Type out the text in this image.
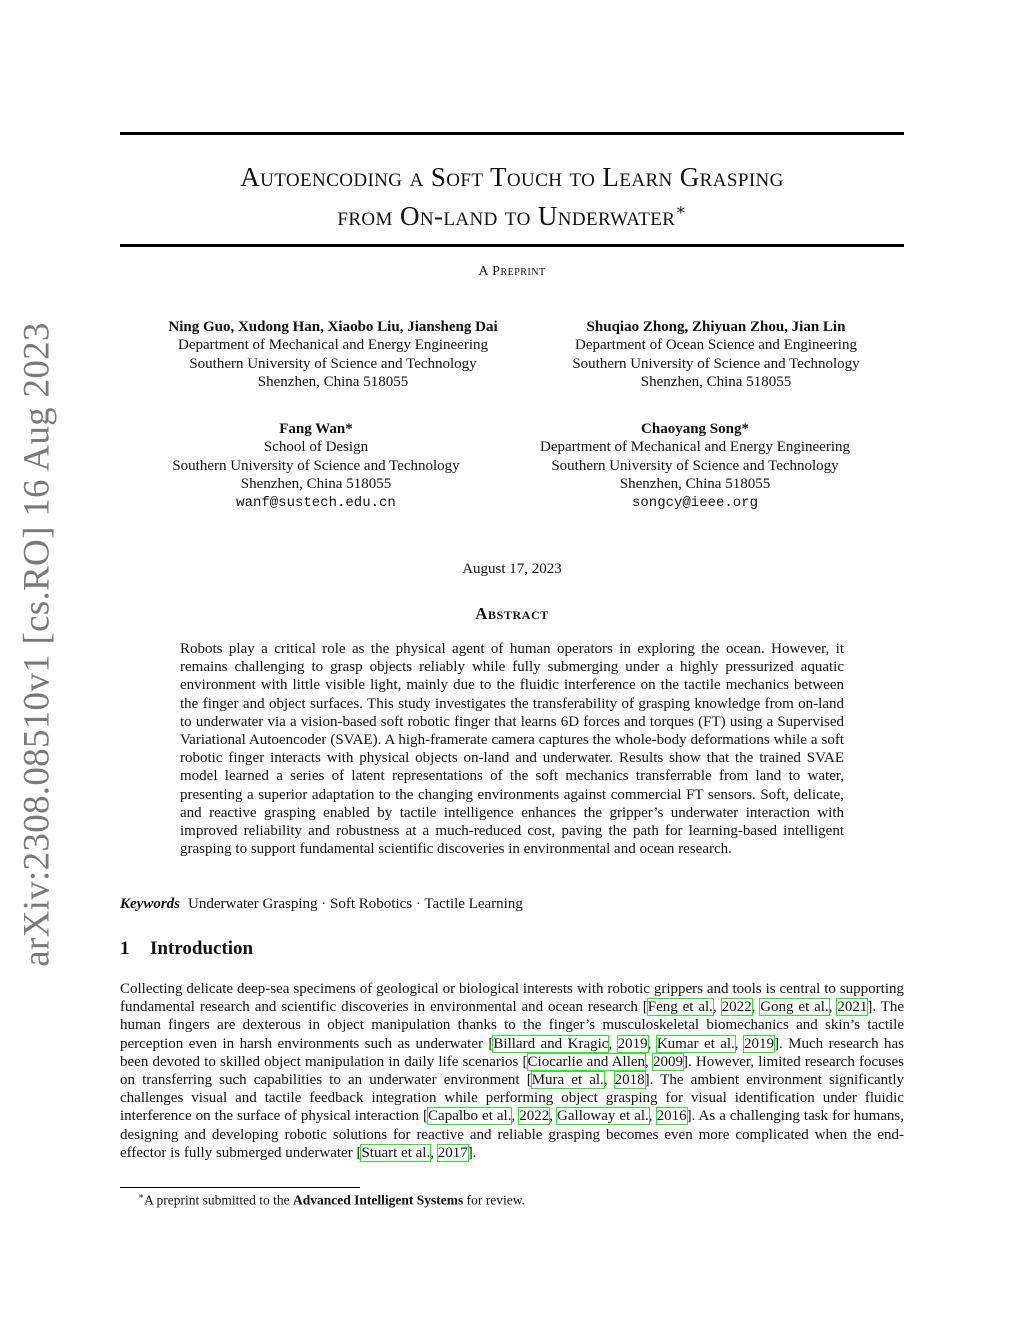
arXiv:2308.08510v1 [cs.RO] 16 Aug 2023
Autoencoding a Soft Touch to Learn Grasping
from On-land to Underwater∗
A Preprint
Ning Guo, Xudong Han, Xiaobo Liu, Jiansheng Dai
Department of Mechanical and Energy Engineering
Southern University of Science and Technology
Shenzhen, China 518055
Shuqiao Zhong, Zhiyuan Zhou, Jian Lin
Department of Ocean Science and Engineering
Southern University of Science and Technology
Shenzhen, China 518055
Fang Wan*
School of Design
Southern University of Science and Technology
Shenzhen, China 518055
wanf@sustech.edu.cn
Chaoyang Song*
Department of Mechanical and Energy Engineering
Southern University of Science and Technology
Shenzhen, China 518055
songcy@ieee.org
August 17, 2023
Abstract
Robots play a critical role as the physical agent of human operators in exploring the ocean. However, it remains challenging to grasp objects reliably while fully submerging under a highly pressurized aquatic environment with little visible light, mainly due to the fluidic interference on the tactile mechanics between the finger and object surfaces. This study investigates the transferability of grasping knowledge from on-land to underwater via a vision-based soft robotic finger that learns 6D forces and torques (FT) using a Supervised Variational Autoencoder (SVAE). A high-framerate camera captures the whole-body deformations while a soft robotic finger interacts with physical objects on-land and underwater. Results show that the trained SVAE model learned a series of latent representations of the soft mechanics transferrable from land to water, presenting a superior adaptation to the changing environments against commercial FT sensors. Soft, delicate, and reactive grasping enabled by tactile intelligence enhances the gripper’s underwater interaction with improved reliability and robustness at a much-reduced cost, paving the path for learning-based intelligent grasping to support fundamental scientific discoveries in environmental and ocean research.
Keywords Underwater Grasping · Soft Robotics · Tactile Learning
1 Introduction
Collecting delicate deep-sea specimens of geological or biological interests with robotic grippers and tools is central to supporting fundamental research and scientific discoveries in environmental and ocean research [Feng et al., 2022, Gong et al., 2021]. The human fingers are dexterous in object manipulation thanks to the finger’s musculoskeletal biomechanics and skin’s tactile perception even in harsh environments such as underwater [Billard and Kragic, 2019, Kumar et al., 2019]. Much research has been devoted to skilled object manipulation in daily life scenarios [Ciocarlie and Allen, 2009]. However, limited research focuses on transferring such capabilities to an underwater environment [Mura et al., 2018]. The ambient environment significantly challenges visual and tactile feedback integration while performing object grasping for visual identification under fluidic interference on the surface of physical interaction [Capalbo et al., 2022, Galloway et al., 2016]. As a challenging task for humans, designing and developing robotic solutions for reactive and reliable grasping becomes even more complicated when the end-effector is fully submerged underwater [Stuart et al., 2017].
∗A preprint submitted to the Advanced Intelligent Systems for review.
